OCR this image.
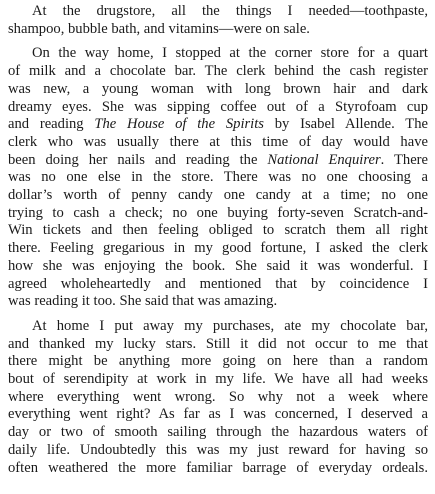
At the drugstore, all the things I needed—toothpaste,
shampoo, bubble bath, and vitamins—were on sale.
On the way home, I stopped at the corner store for a quart
of milk and a chocolate bar. The clerk behind the cash register
was new, a young woman with long brown hair and dark
dreamy eyes. She was sipping coffee out of a Styrofoam cup
and reading The House of the Spirits by Isabel Allende. The
clerk who was usually there at this time of day would have
been doing her nails and reading the National Enquirer. There
was no one else in the store. There was no one choosing a
dollar’s worth of penny candy one candy at a time; no one
trying to cash a check; no one buying forty-seven Scratch-and-
Win tickets and then feeling obliged to scratch them all right
there. Feeling gregarious in my good fortune, I asked the clerk
how she was enjoying the book. She said it was wonderful. I
agreed wholeheartedly and mentioned that by coincidence I
was reading it too. She said that was amazing.
At home I put away my purchases, ate my chocolate bar,
and thanked my lucky stars. Still it did not occur to me that
there might be anything more going on here than a random
bout of serendipity at work in my life. We have all had weeks
where everything went wrong. So why not a week where
everything went right? As far as I was concerned, I deserved a
day or two of smooth sailing through the hazardous waters of
daily life. Undoubtedly this was my just reward for having so
often weathered the more familiar barrage of everyday ordeals.
